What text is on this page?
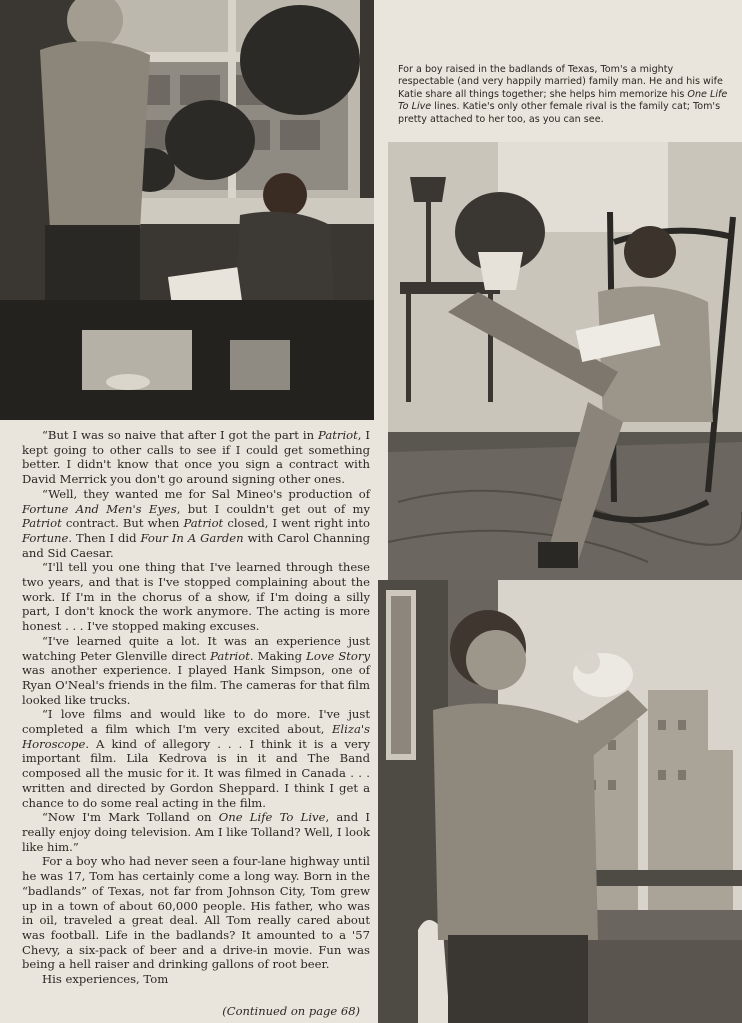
For a boy raised in the badlands of Texas, Tom's a mighty respectable (and very happily married) family man. He and his wife Katie share all things together; she helps him memorize his One Life To Live lines. Katie's only other female rival is the family cat; Tom's pretty attached to her too, as you can see.

“But I was so naive that after I got the part in Patriot, I kept going to other calls to see if I could get something better. I didn't know that once you sign a contract with David Merrick you don't go around signing other ones.

“Well, they wanted me for Sal Mineo's production of Fortune And Men's Eyes, but I couldn't get out of my Patriot contract. But when Patriot closed, I went right into Fortune. Then I did Four In A Garden with Carol Channing and Sid Caesar.

“I'll tell you one thing that I've learned through these two years, and that is I've stopped complaining about the work. If I'm in the chorus of a show, if I'm doing a silly part, I don't knock the work anymore. The acting is more honest . . . I've stopped making excuses.

“I've learned quite a lot. It was an experience just watching Peter Glenville direct Patriot. Making Love Story was another experience. I played Hank Simpson, one of Ryan O'Neal's friends in the film. The cameras for that film looked like trucks.

“I love films and would like to do more. I've just completed a film which I'm very excited about, Eliza's Horoscope. A kind of allegory . . . I think it is a very important film. Lila Kedrova is in it and The Band composed all the music for it. It was filmed in Canada . . . written and directed by Gordon Sheppard. I think I get a chance to do some real acting in the film.

“Now I'm Mark Tolland on One Life To Live, and I really enjoy doing television. Am I like Tolland? Well, I look like him.”

For a boy who had never seen a four-lane highway until he was 17, Tom has certainly come a long way. Born in the “badlands” of Texas, not far from Johnson City, Tom grew up in a town of about 60,000 people. His father, who was in oil, traveled a great deal. All Tom really cared about was football. Life in the badlands? It amounted to a '57 Chevy, a six-pack of beer and a drive-in movie. Fun was being a hell raiser and drinking gallons of root beer.

His experiences, Tom

(Continued on page 68)
